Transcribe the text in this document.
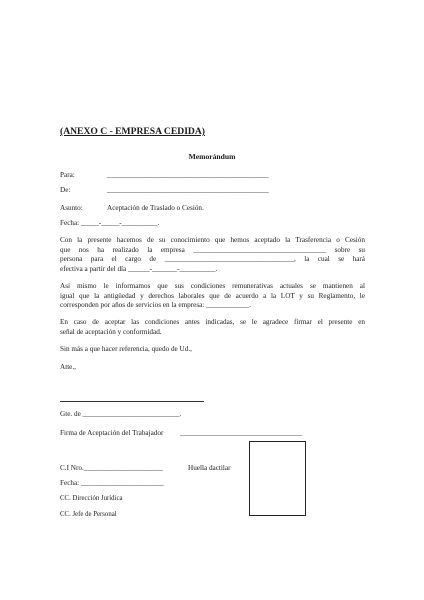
(ANEXO C - EMPRESA CEDIDA)
Memorándum
Para:	_____________________________________________
De:	_____________________________________________
Asunto:	Aceptación de Traslado o Cesión.
Fecha: _____-_____-__________.
Con la presente hacemos de su conocimiento que hemos aceptado la Trasferencia o Cesión
que nos ha realizado la empresa _____________________________________ sobre su
persona para el cargo de ____________________________________, la cual se hará
efectiva a partir del día ______-_______-__________.
Así mismo le informamos que sus condiciones remunerativas actuales se mantienen al
igual que la antigüedad y derechos laborales que de acuerdo a la LOT y su Reglamento, le
corresponden por años de servicios en la empresa: ____________.
En caso de aceptar las condiciones antes indicadas, se le agradece firmar el presente en
señal de aceptación y conformidad.
Sin más a que hacer referencia, quedo de Ud.,
Atte.,
Gte. de ___________________________.
Firma de Aceptación del Trabajador __________________________________
C.I Nro.______________________	Huella dactilar
Fecha: _______________________
CC. Dirección Jurídica
CC. Jefe de Personal
